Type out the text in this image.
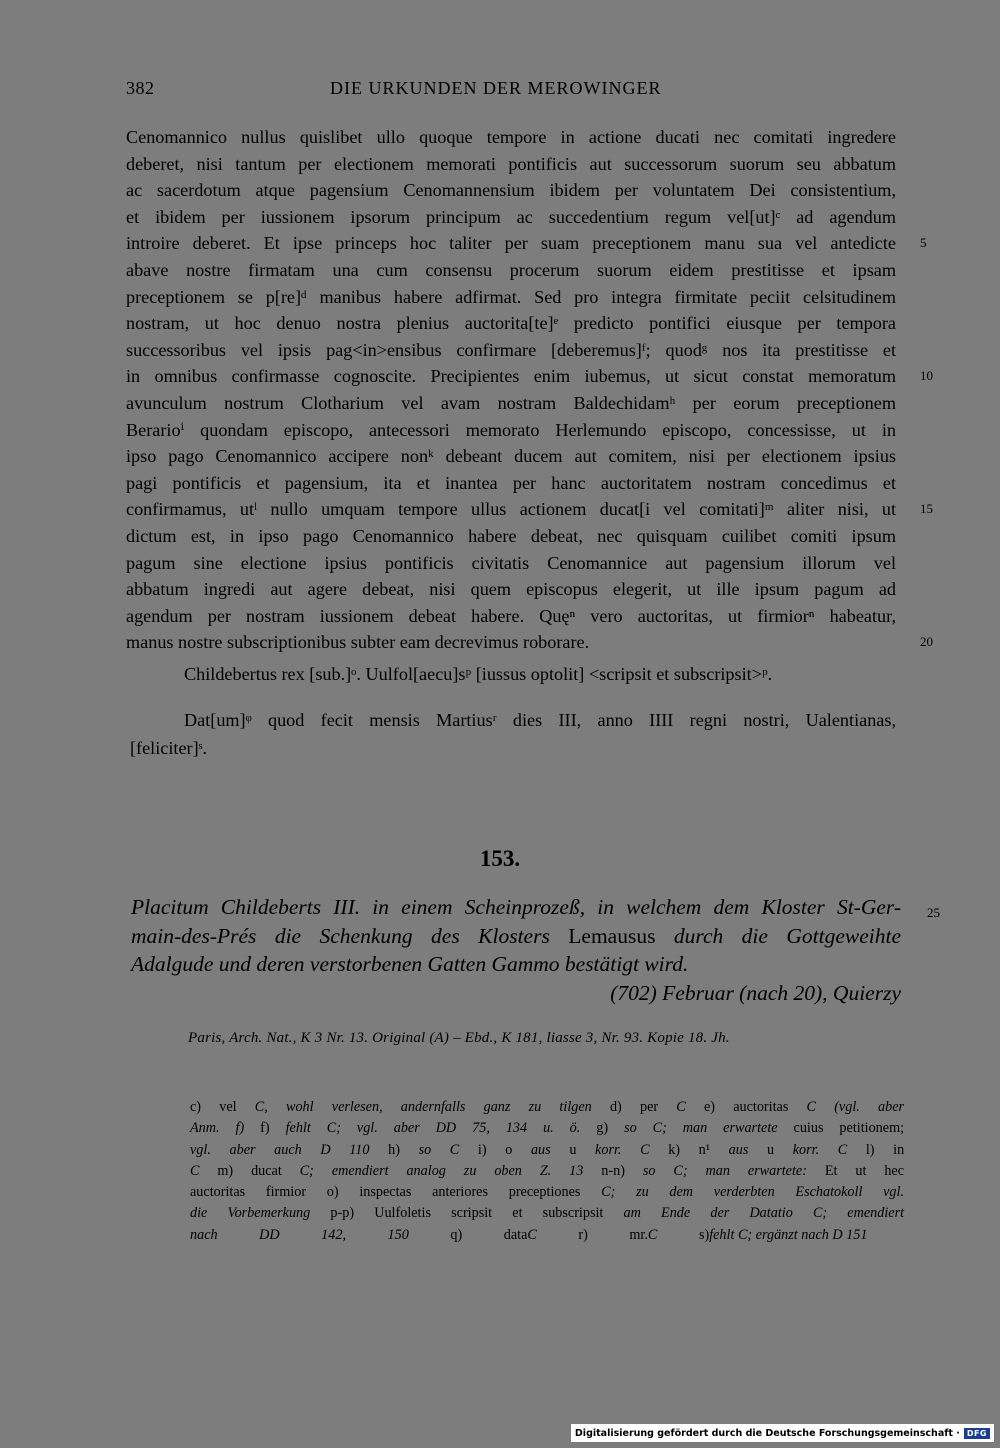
382	DIE URKUNDEN DER MEROWINGER
Cenomannico nullus quislibet ullo quoque tempore in actione ducati nec comitati ingredere
deberet, nisi tantum per electionem memorati pontificis aut successorum suorum seu abbatum
ac sacerdotum atque pagensium Cenomannensium ibidem per voluntatem Dei consistentium,
et ibidem per iussionem ipsorum principum ac succedentium regum vel[ut]ᶜ ad agendum
introire deberet. Et ipse princeps hoc taliter per suam preceptionem manu sua vel antedicte 5
abave nostre firmatam una cum consensu procerum suorum eidem prestitisse et ipsam
preceptionem se p[re]ᵈ manibus habere adfirmat. Sed pro integra firmitate peciit celsitudinem
nostram, ut hoc denuo nostra plenius auctorita[te]ᵉ predicto pontifici eiusque per tempora
successoribus vel ipsis pag<in>ensibus confirmare [deberemus]ᶠ; quodᵍ nos ita prestitisse et
in omnibus confirmasse cognoscite. Precipientes enim iubemus, ut sicut constat memoratum 10
avunculum nostrum Clotharium vel avam nostram Baldechidamʰ per eorum preceptionem
Berarioⁱ quondam episcopo, antecessori memorato Herlemundo episcopo, concessisse, ut in
ipso pago Cenomannico accipere nonᵏ debeant ducem aut comitem, nisi per electionem ipsius
pagi pontificis et pagensium, ita et inantea per hanc auctoritatem nostram concedimus et
confirmamus, utˡ nullo umquam tempore ullus actionem ducat[i vel comitati]ᵐ aliter nisi, ut 15
dictum est, in ipso pago Cenomannico habere debeat, nec quisquam cuilibet comiti ipsum
pagum sine electione ipsius pontificis civitatis Cenomannice aut pagensium illorum vel
abbatum ingredi aut agere debeat, nisi quem episcopus elegerit, ut ille ipsum pagum ad
agendum per nostram iussionem debeat habere. Quęⁿ vero auctoritas, ut firmiorⁿ habeatur,
manus nostre subscriptionibus subter eam decrevimus roborare.	20
Childebertus rex [sub.]ᵒ. Uulfol[aecu]sᵖ [iussus optolit] <scripsit et subscripsit>ᵖ.
Dat[um]ᵠ quod fecit mensis Martiusʳ dies III, anno IIII regni nostri, Ualentianas,
[feliciter]ˢ.
153.
Placitum Childeberts III. in einem Scheinprozeß, in welchem dem Kloster St-Ger- 25
main-des-Prés die Schenkung des Klosters Lemausus durch die Gottgeweihte
Adalgude und deren verstorbenen Gatten Gammo bestätigt wird.
(702) Februar (nach 20), Quierzy
Paris, Arch. Nat., K 3 Nr. 13. Original (A) – Ebd., K 181, liasse 3, Nr. 93. Kopie 18. Jh.
c) vel C, wohl verlesen, andernfalls ganz zu tilgen d) per C e) auctoritas C (vgl. aber
Anm. f) f) fehlt C; vgl. aber DD 75, 134 u. ö. g) so C; man erwartete cuius petitionem;
vgl. aber auch D 110 h) so C i) o aus u korr. C k) n¹ aus u korr. C l) in
C m) ducat C; emendiert analog zu oben Z. 13 n-n) so C; man erwartete: Et ut hec
auctoritas firmior o) inspectas anteriores preceptiones C; zu dem verderbten Eschatokoll vgl.
die Vorbemerkung p-p) Uulfoletis scripsit et subscripsit am Ende der Datatio C; emendiert
nach DD 142, 150	q) dataC	r) mr.C	s)fehlt C; ergänzt nach D 151
Digitalisierung gefördert durch die Deutsche Forschungsgemeinschaft · DFG
